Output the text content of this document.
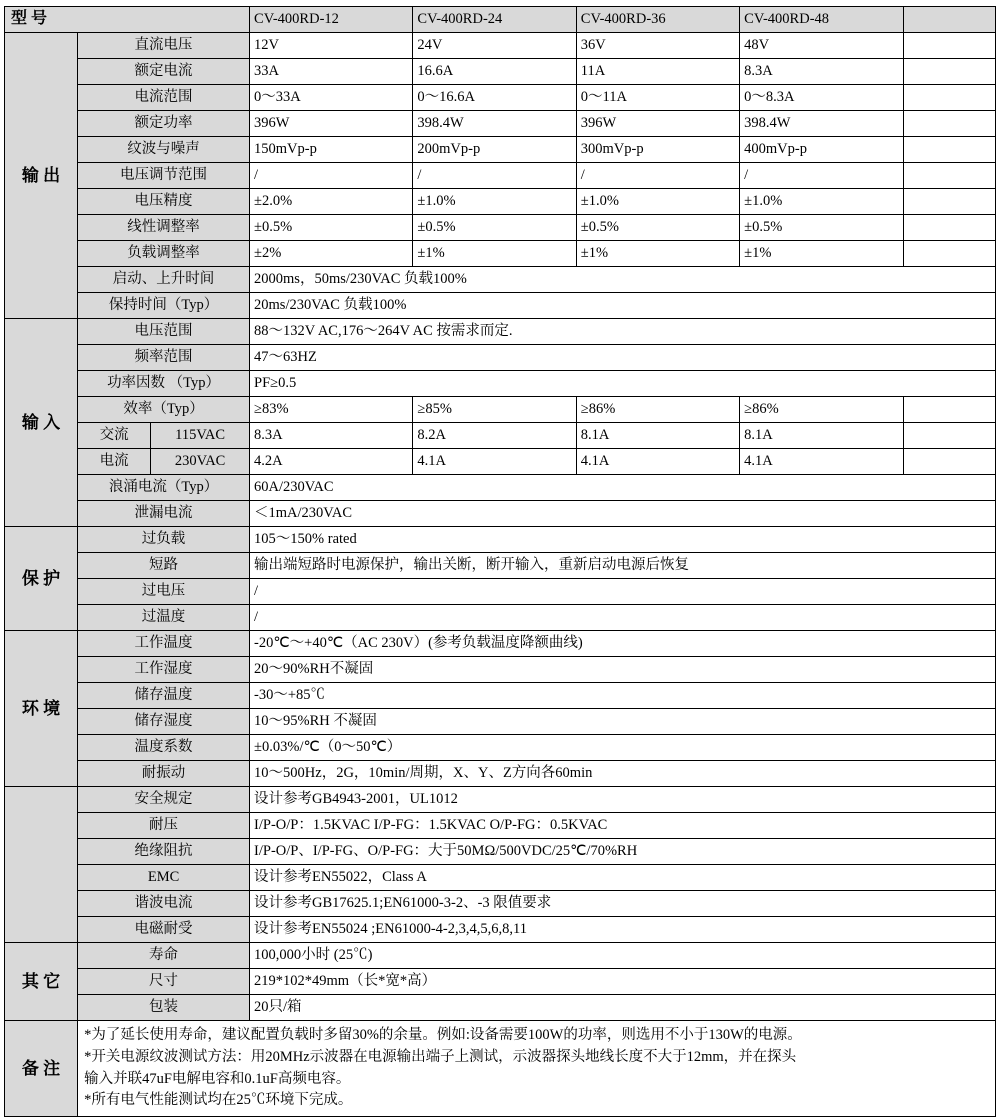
型 号			CV-400RD-12	CV-400RD-24	CV-400RD-36	CV-400RD-48	
输 出	直流电压		12V	24V	36V	48V	
	额定电流		33A	16.6A	11A	8.3A	
	电流范围		0～33A	0～16.6A	0～11A	0～8.3A	
	额定功率		396W	398.4W	396W	398.4W	
	纹波与噪声		150mVp-p	200mVp-p	300mVp-p	400mVp-p	
	电压调节范围		/	/	/	/	
	电压精度		±2.0%	±1.0%	±1.0%	±1.0%	
	线性调整率		±0.5%	±0.5%	±0.5%	±0.5%	
	负载调整率		±2%	±1%	±1%	±1%	
	启动、上升时间		2000ms，50ms/230VAC 负载100%				
	保持时间（Typ）		20ms/230VAC 负载100%				
输 入	电压范围		88～132V AC,176～264V AC 按需求而定.				
	频率范围		47～63HZ				
	功率因数 （Typ）		PF≥0.5				
	效率（Typ）		≥83%	≥85%	≥86%	≥86%	
	交流	115VAC	8.3A	8.2A	8.1A	8.1A	
	电流	230VAC	4.2A	4.1A	4.1A	4.1A	
	浪涌电流（Typ）		60A/230VAC				
	泄漏电流		＜1mA/230VAC				
保 护	过负载		105～150% rated				
	短路		输出端短路时电源保护，输出关断，断开输入，重新启动电源后恢复				
	过电压		/				
	过温度		/				
环 境	工作温度		-20℃～+40℃（AC 230V）(参考负载温度降额曲线)				
	工作湿度		20～90%RH不凝固				
	储存温度		-30～+85℃				
	储存湿度		10～95%RH 不凝固				
	温度系数		±0.03%/℃（0～50℃）				
	耐振动		10～500Hz，2G，10min/周期，X、Y、Z方向各60min				
	安全规定		设计参考GB4943-2001，UL1012				
	耐压		I/P-O/P：1.5KVAC I/P-FG：1.5KVAC O/P-FG：0.5KVAC				
	绝缘阻抗		I/P-O/P、I/P-FG、O/P-FG：大于50MΩ/500VDC/25℃/70%RH				
	EMC		设计参考EN55022，Class A				
	谐波电流		设计参考GB17625.1;EN61000-3-2、-3 限值要求				
	电磁耐受		设计参考EN55024 ;EN61000-4-2,3,4,5,6,8,11				
其 它	寿命		100,000小时 (25℃)				
	尺寸		219*102*49mm（长*宽*高）				
	包装		20只/箱				
备 注	*为了延长使用寿命，建议配置负载时多留30%的余量。例如:设备需要100W的功率，则选用不小于130W的电源。
*开关电源纹波测试方法：用20MHz示波器在电源输出端子上测试，示波器探头地线长度不大于12mm，并在探头
输入并联47uF电解电容和0.1uF高频电容。
*所有电气性能测试均在25℃环境下完成。						
